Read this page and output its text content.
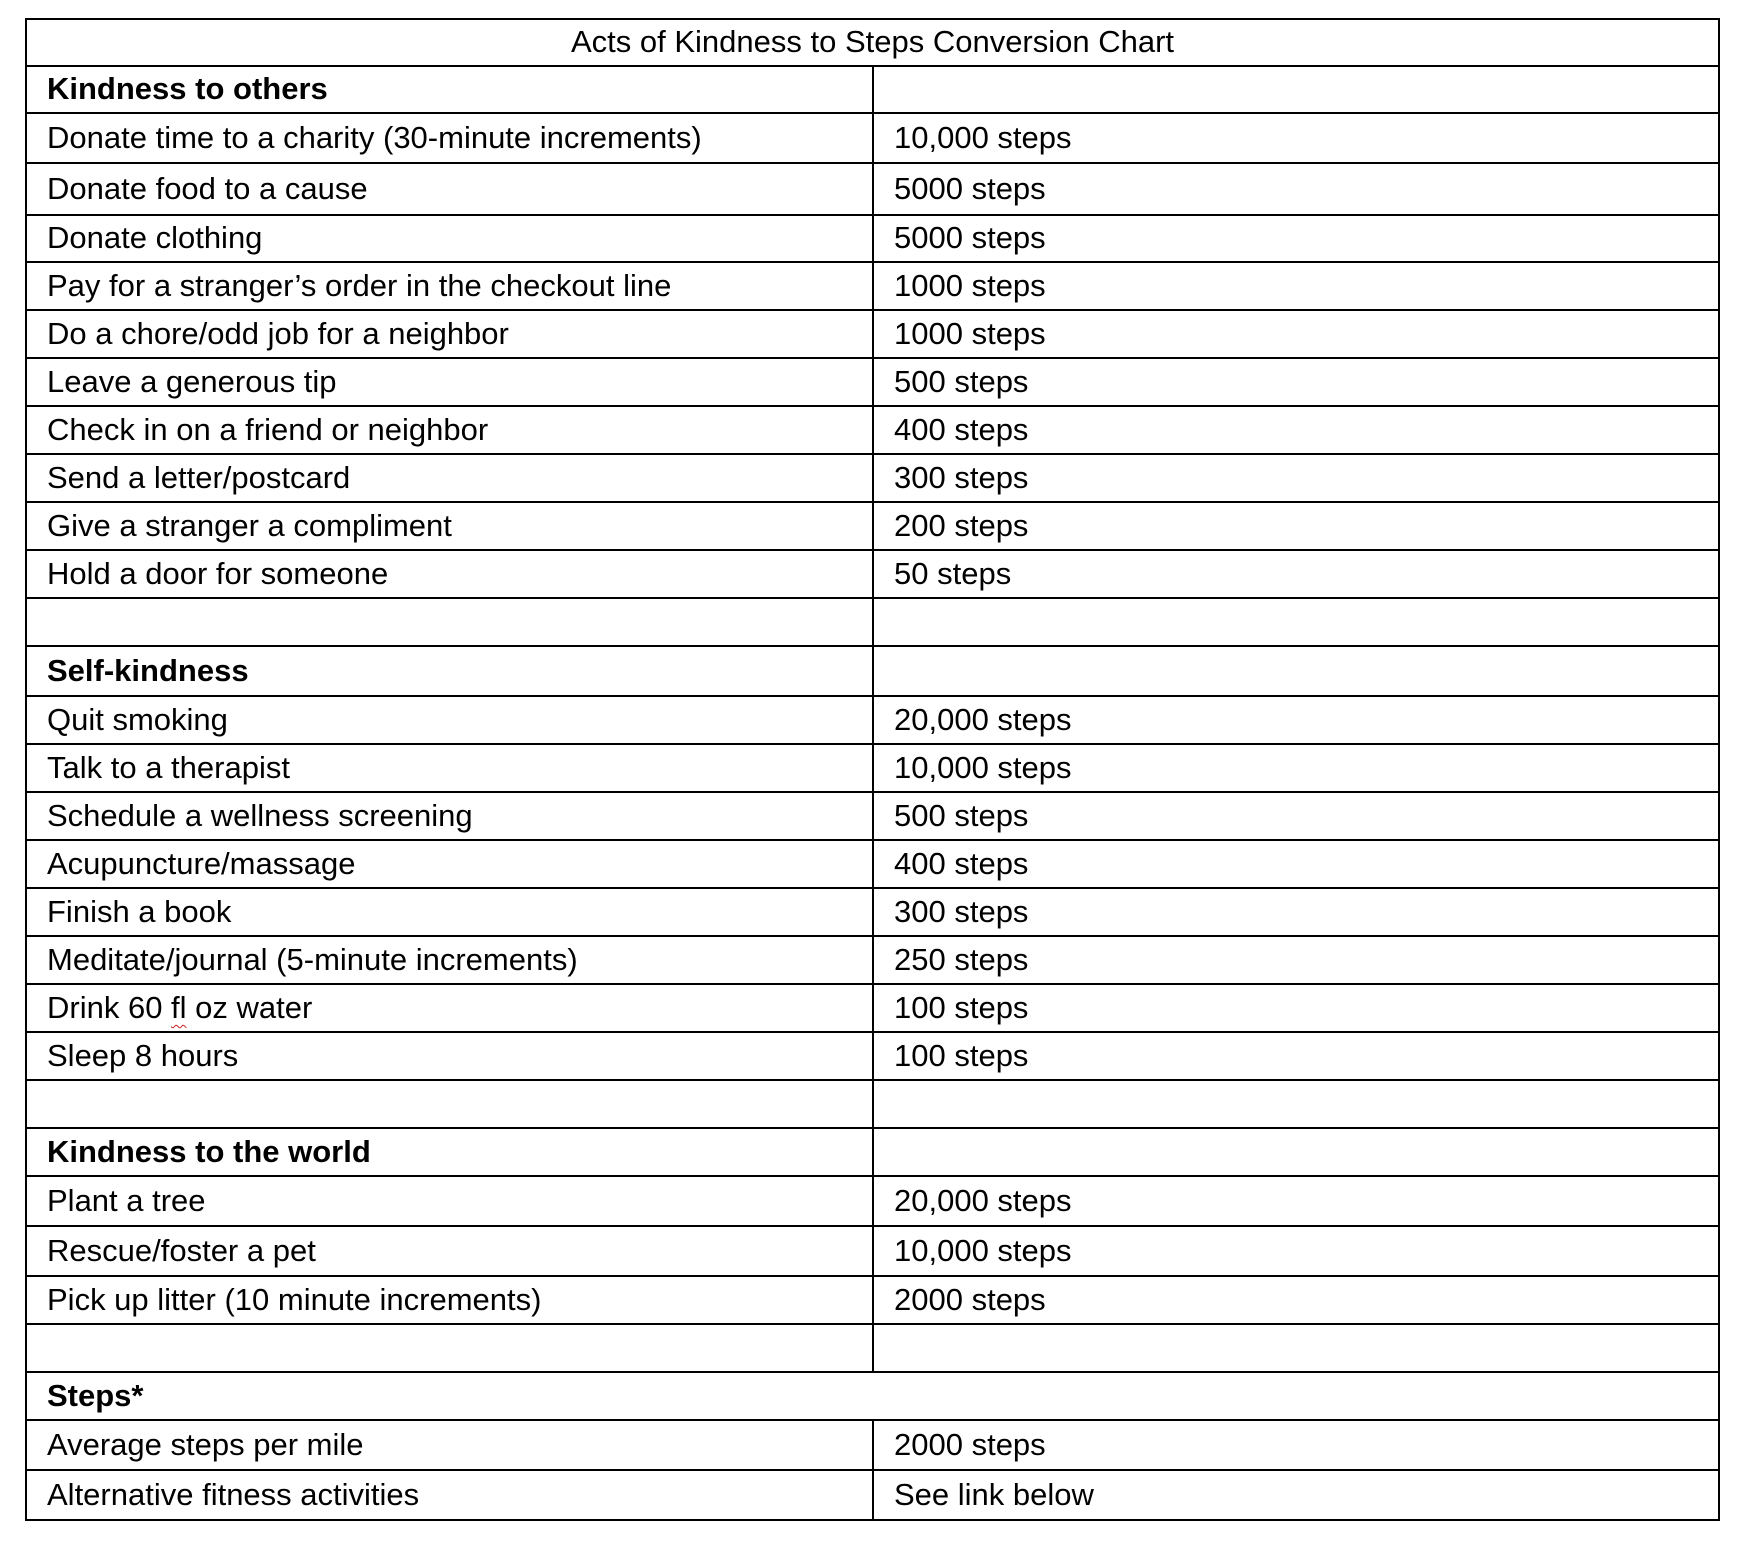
Acts of Kindness to Steps Conversion Chart	
Kindness to others	
Donate time to a charity (30-minute increments)	10,000 steps
Donate food to a cause	5000 steps
Donate clothing	5000 steps
Pay for a stranger’s order in the checkout line	1000 steps
Do a chore/odd job for a neighbor	1000 steps
Leave a generous tip	500 steps
Check in on a friend or neighbor	400 steps
Send a letter/postcard	300 steps
Give a stranger a compliment	200 steps
Hold a door for someone	50 steps

Self-kindness	
Quit smoking	20,000 steps
Talk to a therapist	10,000 steps
Schedule a wellness screening	500 steps
Acupuncture/massage	400 steps
Finish a book	300 steps
Meditate/journal (5-minute increments)	250 steps
Drink 60 fl oz water	100 steps
Sleep 8 hours	100 steps

Kindness to the world	
Plant a tree	20,000 steps
Rescue/foster a pet	10,000 steps
Pick up litter (10 minute increments)	2000 steps

Steps*	
Average steps per mile	2000 steps
Alternative fitness activities	See link below
